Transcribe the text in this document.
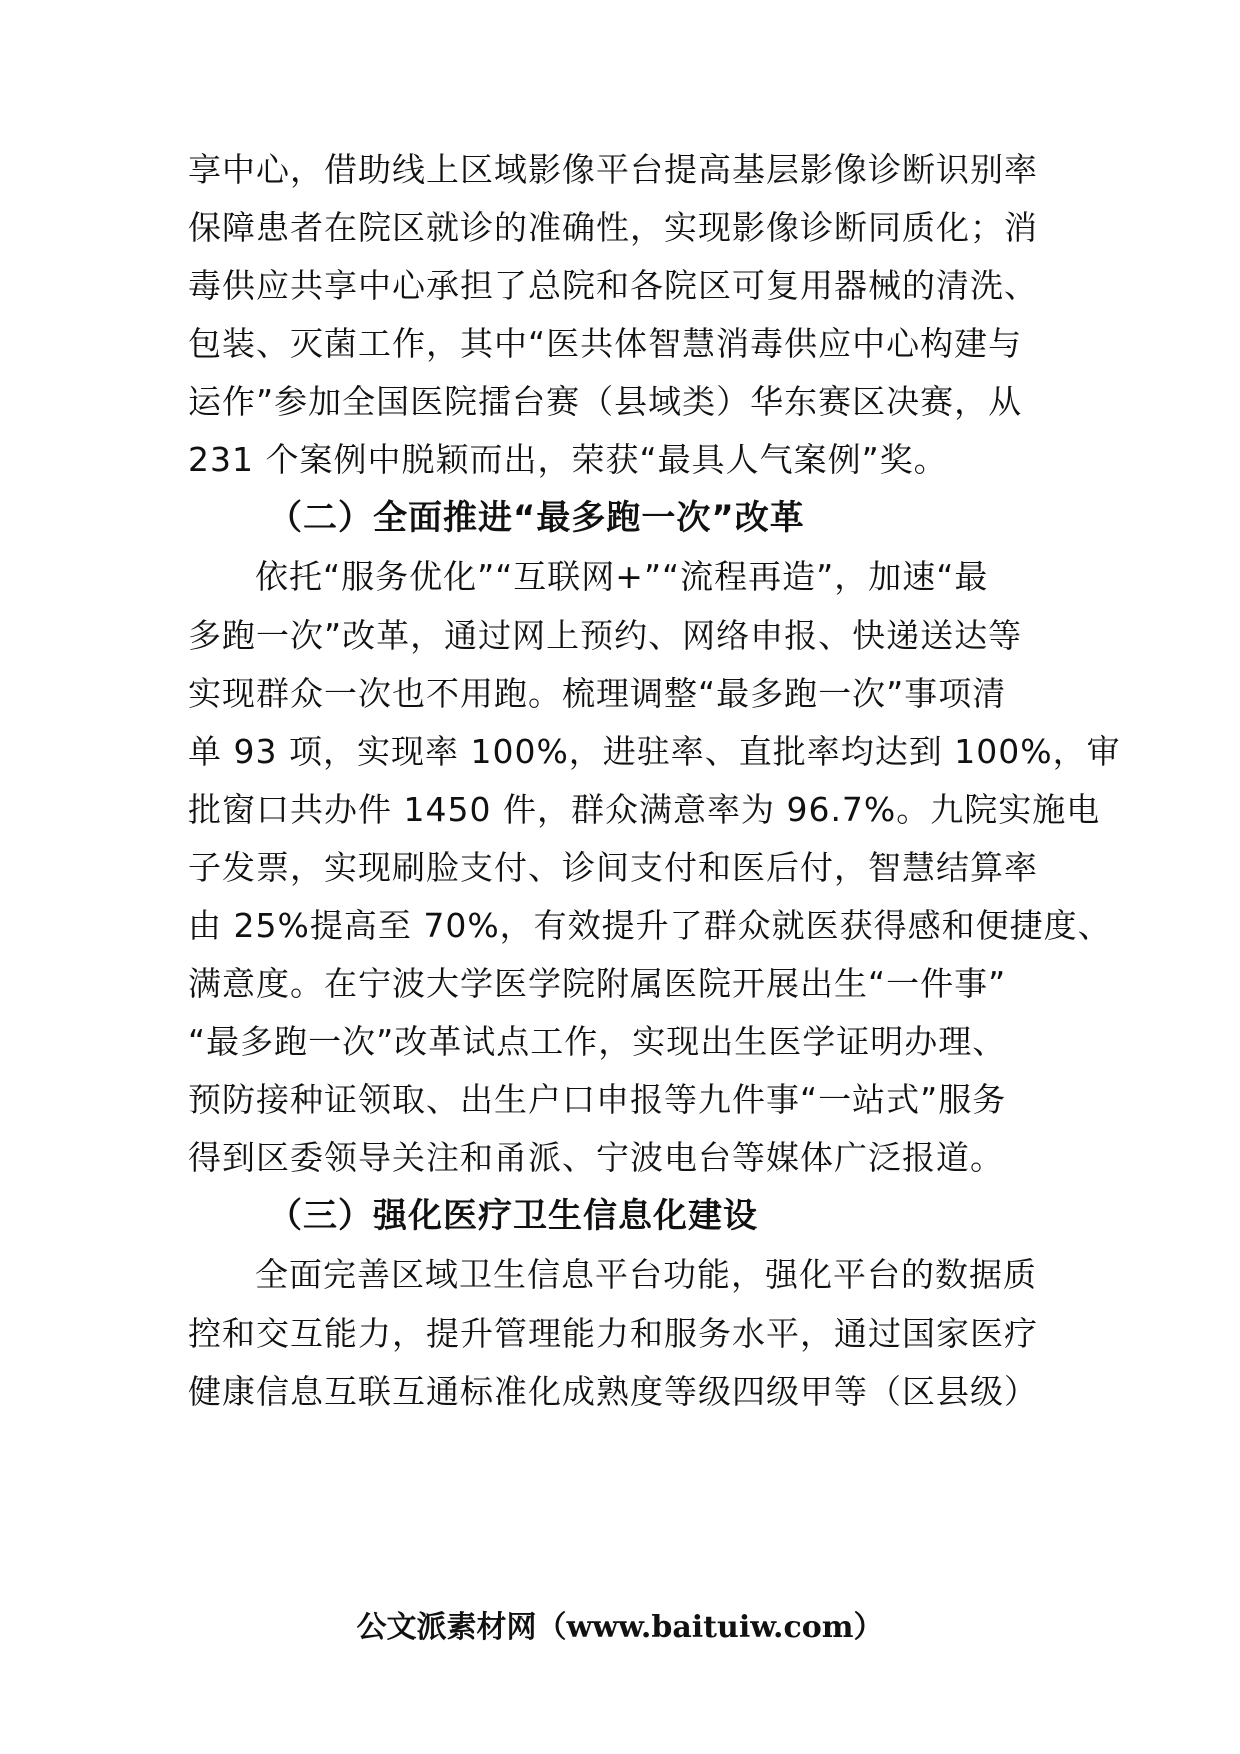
享中心，借助线上区域影像平台提高基层影像诊断识别率
保障患者在院区就诊的准确性，实现影像诊断同质化；消
毒供应共享中心承担了总院和各院区可复用器械的清洗、
包装、灭菌工作，其中“医共体智慧消毒供应中心构建与
运作”参加全国医院擂台赛（县域类）华东赛区决赛，从
231 个案例中脱颖而出，荣获“最具人气案例”奖。
（二）全面推进“最多跑一次”改革
依托“服务优化”“互联网+”“流程再造”，加速“最
多跑一次”改革，通过网上预约、网络申报、快递送达等
实现群众一次也不用跑。梳理调整“最多跑一次”事项清
单 93 项，实现率 100%，进驻率、直批率均达到 100%，审
批窗口共办件 1450 件，群众满意率为 96.7%。九院实施电
子发票，实现刷脸支付、诊间支付和医后付，智慧结算率
由 25%提高至 70%，有效提升了群众就医获得感和便捷度、
满意度。在宁波大学医学院附属医院开展出生“一件事”
“最多跑一次”改革试点工作，实现出生医学证明办理、
预防接种证领取、出生户口申报等九件事“一站式”服务
得到区委领导关注和甬派、宁波电台等媒体广泛报道。
（三）强化医疗卫生信息化建设
全面完善区域卫生信息平台功能，强化平台的数据质
控和交互能力，提升管理能力和服务水平，通过国家医疗
健康信息互联互通标准化成熟度等级四级甲等（区县级）
公文派素材网（www.baituiw.com）
